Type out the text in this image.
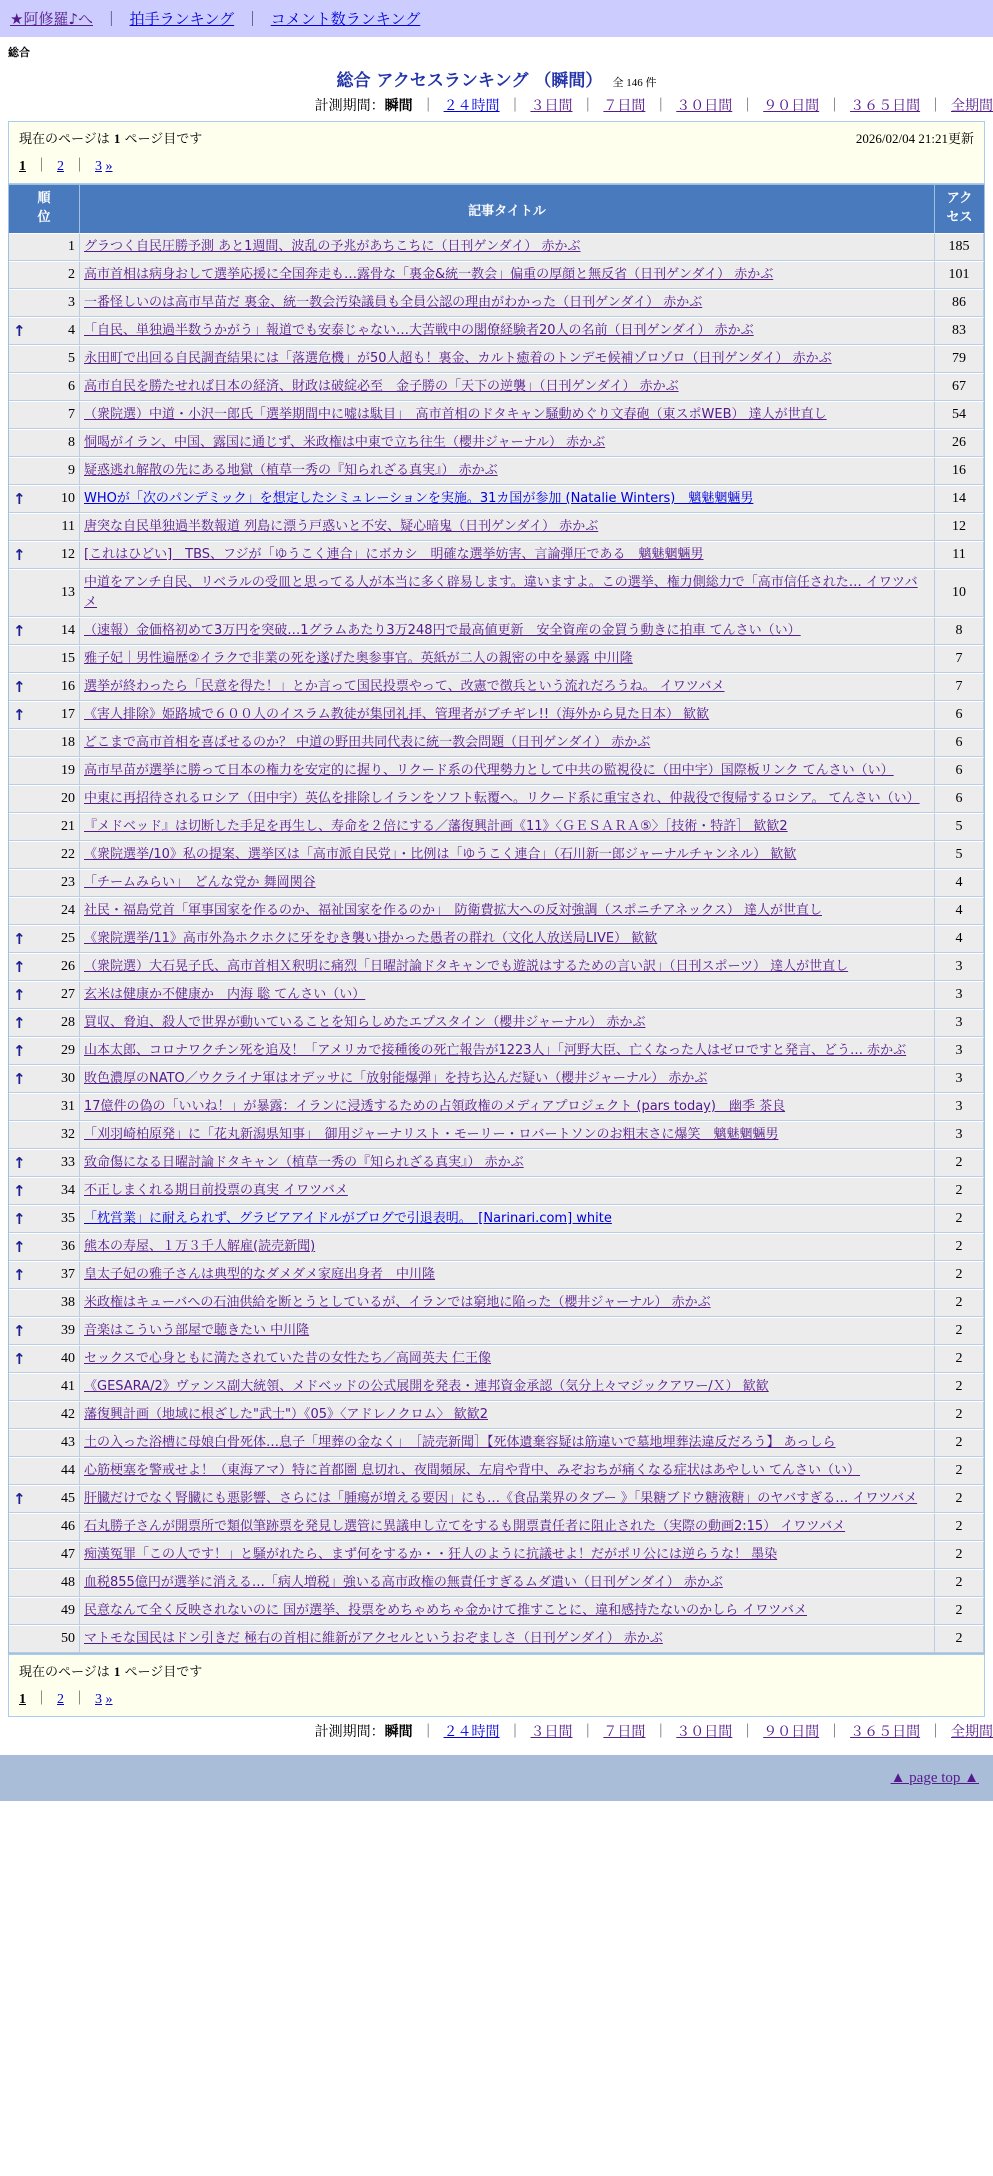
★阿修羅♪へ ｜ 拍手ランキング ｜ コメント数ランキング
総合
総合 アクセスランキング （瞬間） 全 146 件
計測期間：瞬間 ｜ ２４時間 ｜ ３日間 ｜ ７日間 ｜ ３０日間 ｜ ９０日間 ｜ ３６５日間 ｜ 全期間
現在のページは 1 ページ目です	2026/02/04 21:21更新
1 ｜ 2 ｜ 3 »
順位	記事タイトル	アクセス
1	グラつく自民圧勝予測 あと1週間、波乱の予兆があちこちに（日刊ゲンダイ） 赤かぶ	185
2	高市首相は病身おして選挙応援に全国奔走も…露骨な「裏金&統一教会」偏重の厚顔と無反省（日刊ゲンダイ） 赤かぶ	101
3	一番怪しいのは高市早苗だ 裏金、統一教会汚染議員も全員公認の理由がわかった（日刊ゲンダイ） 赤かぶ	86

↑ 4	「自民、単独過半数うかがう」報道でも安泰じゃない…大苦戦中の閣僚経験者20人の名前（日刊ゲンダイ） 赤かぶ	83
5	永田町で出回る自民調査結果には「落選危機」が50人超も！裏金、カルト癒着のトンデモ候補ゾロゾロ（日刊ゲンダイ） 赤かぶ	79
6	高市自民を勝たせれば日本の経済、財政は破綻必至　金子勝の「天下の逆襲」（日刊ゲンダイ） 赤かぶ	67
7	（衆院選）中道・小沢一郎氏「選挙期間中に嘘は駄目」　高市首相のドタキャン騒動めぐり文春砲（東スポWEB） 達人が世直し	54
8	恫喝がイラン、中国、露国に通じず、米政権は中東で立ち往生（櫻井ジャーナル） 赤かぶ	26
9	疑惑逃れ解散の先にある地獄（植草一秀の『知られざる真実』） 赤かぶ	16

↑ 10	WHOが「次のパンデミック」を想定したシミュレーションを実施。31カ国が参加 (Natalie Winters)　魑魅魍魎男	14
11	唐突な自民単独過半数報道 列島に漂う戸惑いと不安、疑心暗鬼（日刊ゲンダイ） 赤かぶ	12

↑ 12	[これはひどい]　TBS、フジが「ゆうこく連合」にボカシ　明確な選挙妨害、言論弾圧である　魑魅魍魎男	11
13	中道をアンチ自民、リベラルの受皿と思ってる人が本当に多く辟易します。違いますよ。この選挙、権力側総力で「高市信任された… イワツバメ	10

↑ 14	（速報）金価格初めて3万円を突破…1グラムあたり3万248円で最高値更新　安全資産の金買う動きに拍車 てんさい（い）	8
15	雅子妃｜男性遍歴②イラクで非業の死を遂げた奥参事官。英紙が二人の親密の中を暴露 中川隆	7

↑ 16	選挙が終わったら「民意を得た！」とか言って国民投票やって、改憲で徴兵という流れだろうね。 イワツバメ	7

↑ 17	《害人排除》姫路城で６００人のイスラム教徒が集団礼拝、管理者がブチギレ!!（海外から見た日本） 歓歓	6
18	どこまで高市首相を喜ばせるのか？ 中道の野田共同代表に統一教会問題（日刊ゲンダイ） 赤かぶ	6
19	高市早苗が選挙に勝って日本の権力を安定的に握り、リクード系の代理勢力として中共の監視役に（田中宇）国際板リンク てんさい（い）	6
20	中東に再招待されるロシア（田中宇）英仏を排除しイランをソフト転覆へ。リクード系に重宝され、仲裁役で復帰するロシア。 てんさい（い）	6
21	『メドベッド』は切断した手足を再生し、寿命を２倍にする／藩復興計画《11》〈ＧＥＳＡＲＡ⑤〉［技術・特許］ 歓歓2	5
22	《衆院選挙/10》私の提案、選挙区は「高市派自民党」・比例は「ゆうこく連合」（石川新一郎ジャーナルチャンネル） 歓歓	5
23	「チームみらい」　どんな党か 舞岡関谷	4
24	社民・福島党首「軍事国家を作るのか、福祉国家を作るのか」　防衛費拡大への反対強調（スポニチアネックス） 達人が世直し	4

↑ 25	《衆院選挙/11》高市外為ホクホクに牙をむき襲い掛かった愚者の群れ（文化人放送局LIVE） 歓歓	4

↑ 26	（衆院選）大石晃子氏、高市首相Ｘ釈明に痛烈「日曜討論ドタキャンでも遊説はするための言い訳」（日刊スポーツ） 達人が世直し	3

↑ 27	玄米は健康か不健康か　内海 聡 てんさい（い）	3

↑ 28	買収、脅迫、殺人で世界が動いていることを知らしめたエプスタイン（櫻井ジャーナル） 赤かぶ	3

↑ 29	山本太郎、コロナワクチン死を追及！「アメリカで接種後の死亡報告が1223人」「河野大臣、亡くなった人はゼロですと発言、どう… 赤かぶ	3

↑ 30	敗色濃厚のNATO／ウクライナ軍はオデッサに「放射能爆弾」を持ち込んだ疑い（櫻井ジャーナル） 赤かぶ	3
31	17億件の偽の「いいね！」が暴露：イランに浸透するための占領政権のメディアプロジェクト (pars today)　幽季 茶良	3
32	「刈羽崎柏原発」に「花丸新潟県知事」　御用ジャーナリスト・モーリー・ロバートソンのお粗末さに爆笑　魑魅魍魎男	3

↑ 33	致命傷になる日曜討論ドタキャン（植草一秀の『知られざる真実』） 赤かぶ	2

↑ 34	不正しまくれる期日前投票の真実 イワツバメ	2

↑ 35	「枕営業」に耐えられず、グラビアアイドルがブログで引退表明。　[Narinari.com] white	2

↑ 36	熊本の寿屋、１万３千人解雇(読売新聞)	2

↑ 37	皇太子妃の雅子さんは典型的なダメダメ家庭出身者　中川隆	2
38	米政権はキューバへの石油供給を断とうとしているが、イランでは窮地に陥った（櫻井ジャーナル） 赤かぶ	2

↑ 39	音楽はこういう部屋で聴きたい 中川隆	2

↑ 40	セックスで心身ともに満たされていた昔の女性たち／高岡英夫 仁王像	2
41	《GESARA/2》ヴァンス副大統領、メドベッドの公式展開を発表・連邦資金承認（気分上々マジックアワー/Ｘ） 歓歓	2
42	藩復興計画（地域に根ざした"武士"）《05》〈アドレノクロム〉 歓歓2	2
43	土の入った浴槽に母娘白骨死体…息子「埋葬の金なく」　［読売新聞］【死体遺棄容疑は筋違いで墓地埋葬法違反だろう】 あっしら	2
44	心筋梗塞を警戒せよ！（東海アマ）特に首都圏 息切れ、夜間頻尿、左肩や背中、みぞおちが痛くなる症状はあやしい てんさい（い）	2

↑ 45	肝臓だけでなく腎臓にも悪影響、さらには「腫瘍が増える要因」にも…《食品業界のタブー 》「果糖ブドウ糖液糖」のヤバすぎる… イワツバメ	2
46	石丸勝子さんが開票所で類似筆跡票を発見し選管に異議申し立てをするも開票責任者に阻止された（実際の動画2:15） イワツバメ	2
47	痴漢冤罪「この人です！」と騒がれたら、まず何をするか・・狂人のように抗議せよ！だがポリ公には逆らうな！ 墨染	2
48	血税855億円が選挙に消える…「病人増税」強いる高市政権の無責任すぎるムダ遣い（日刊ゲンダイ） 赤かぶ	2
49	民意なんて全く反映されないのに 国が選挙、投票をめちゃめちゃ金かけて推すことに、違和感持たないのかしら イワツバメ	2
50	マトモな国民はドン引きだ 極右の首相に維新がアクセルというおぞましさ（日刊ゲンダイ） 赤かぶ	2
現在のページは 1 ページ目です
1 ｜ 2 ｜ 3 »
計測期間：瞬間 ｜ ２４時間 ｜ ３日間 ｜ ７日間 ｜ ３０日間 ｜ ９０日間 ｜ ３６５日間 ｜ 全期間
▲ page top ▲
